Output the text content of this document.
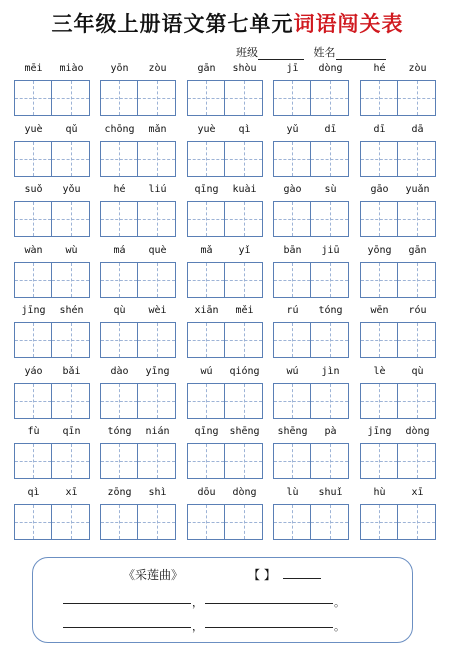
三年级上册语文第七单元词语闯关表
班级	姓名
mēi	miào	yōn	zòu	gān	shòu	jī	dòng	hé	zòu
yuè	qǔ	chōng	mǎn	yuè	qì	yǔ	dī	dī	dā
suǒ	yǒu	hé	liú	qīng	kuài	gào	sù	gāo	yuǎn
wàn	wù	má	què	mǎ	yǐ	bān	jiū	yōng	gān
jīng	shén	qù	wèi	xiān	měi	rú	tóng	wēn	róu
yáo	bǎi	dào	yīng	wú	qióng	wú	jìn	lè	qù
fù	qīn	tóng	nián	qīng	shēng	shēng	pà	jīng	dòng
qì	xī	zōng	shì	dōu	dòng	lù	shuǐ	hù	xī
《采莲曲》	【 】
，	。
，	。
